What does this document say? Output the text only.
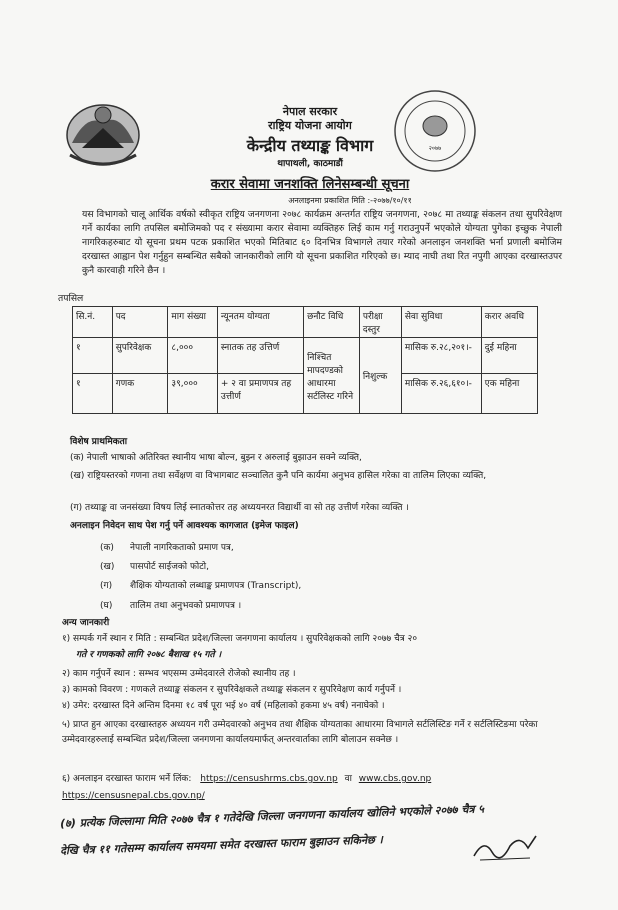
२०७७
नेपाल सरकार
राष्ट्रिय योजना आयोग
केन्द्रीय तथ्याङ्क विभाग
थापाथली, काठमाडौं
करार सेवामा जनशक्ति लिनेसम्बन्धी सूचना
अनलाइनमा प्रकाशित मिति :-२०७७/१०/११
यस विभागको चालू आर्थिक वर्षको स्वीकृत राष्ट्रिय जनगणना २०७८ कार्यक्रम अन्तर्गत राष्ट्रिय जनगणना, २०७८ मा तथ्याङ्क संकलन तथा सुपरिवेक्षण गर्ने कार्यका लागि तपसिल बमोजिमको पद र संख्यामा करार सेवामा व्यक्तिहरु लिई काम गर्नु गराउनुपर्ने भएकोले योग्यता पुगेका इच्छुक नेपाली नागरिकहरुबाट यो सूचना प्रथम पटक प्रकाशित भएको मितिबाट ६० दिनभित्र विभागले तयार गरेको अनलाइन जनशक्ति भर्ना प्रणाली बमोजिम दरखास्त आह्वान पेश गर्नुहुन सम्बन्धित सबैको जानकारीको लागि यो सूचना प्रकाशित गरिएको छ। म्याद नाघी तथा रित नपुगी आएका दरखास्तउपर कुनै कारवाही गरिने छैन ।
तपसिल
सि.नं.	पद	माग संख्या	न्यूनतम योग्यता	छनौट विधि	परीक्षा दस्तुर	सेवा सुविधा	करार अवधि
१	सुपरिवेक्षक	८,०००	स्नातक तह उत्तिर्ण	निश्चित मापदण्डको आधारमा सर्टलिस्ट गरिने	निशुल्क	मासिक रु.२८,२०१।-	दुई महिना
१	गणक	३९,०००	+ २ वा प्रमाणपत्र तह उत्तीर्ण			मासिक रु.२६,६१०।-	एक महिना
विशेष प्राथमिकता
(क) नेपाली भाषाको अतिरिक्त स्थानीय भाषा बोल्न, बुझ्न र अरुलाई बुझाउन सक्ने व्यक्ति,
(ख) राष्ट्रियस्तरको गणना तथा सर्वेक्षण वा विभागबाट सञ्चालित कुनै पनि कार्यमा अनुभव हासिल गरेका वा तालिम लिएका व्यक्ति,
(ग) तथ्याङ्क वा जनसंख्या विषय लिई स्नातकोत्तर तह अध्ययनरत विद्यार्थी वा सो तह उत्तीर्ण गरेका व्यक्ति ।
अनलाइन निवेदन साथ पेश गर्नु पर्ने आवश्यक कागजात (इमेज फाइल)
(क) नेपाली नागरिकताको प्रमाण पत्र,
(ख) पासपोर्ट साईजको फोटो,
(ग) शैक्षिक योग्यताको लब्धाङ्क प्रमाणपत्र (Transcript),
(घ) तालिम तथा अनुभवको प्रमाणपत्र ।
अन्य जानकारी
१) सम्पर्क गर्ने स्थान र मिति : सम्बन्धित प्रदेश/जिल्ला जनगणना कार्यालय । सुपरिवेक्षकको लागि २०७७ चैत्र २०
गते र गणकको लागि २०७८ बैशाख १५ गते ।
२) काम गर्नुपर्ने स्थान : सम्भव भएसम्म उम्मेदवारले रोजेको स्थानीय तह ।
३) कामको विवरण : गणकले तथ्याङ्क संकलन र सुपरिवेक्षकले तथ्याङ्क संकलन र सुपरिवेक्षण कार्य गर्नुपर्ने ।
४) उमेर: दरखास्त दिने अन्तिम दिनमा १८ वर्ष पूरा भई ४० वर्ष (महिलाको हकमा ४५ वर्ष) ननाघेको ।
५) प्राप्त हुन आएका दरखास्तहरु अध्ययन गरी उम्मेदवारको अनुभव तथा शैक्षिक योग्यताका आधारमा विभागले सर्टलिस्टिङ गर्ने र सर्टलिस्टिङमा परेका उम्मेदवारहरुलाई सम्बन्धित प्रदेश/जिल्ला जनगणना कार्यालयमार्फत् अन्तरवार्ताका लागि बोलाउन सक्नेछ ।
६) अनलाइन दरखास्त फाराम भर्ने लिंक: https://censushrms.cbs.gov.np वा www.cbs.gov.np
https://censusnepal.cbs.gov.np/
(७) प्रत्येक जिल्लामा मिति २०७७ चैत्र १ गतेदेखि जिल्ला जनगणना कार्यालय खोलिने भएकोले २०७७ चैत्र ५
देखि चैत्र ११ गतेसम्म कार्यालय समयमा समेत दरखास्त फाराम बुझाउन सकिनेछ ।
